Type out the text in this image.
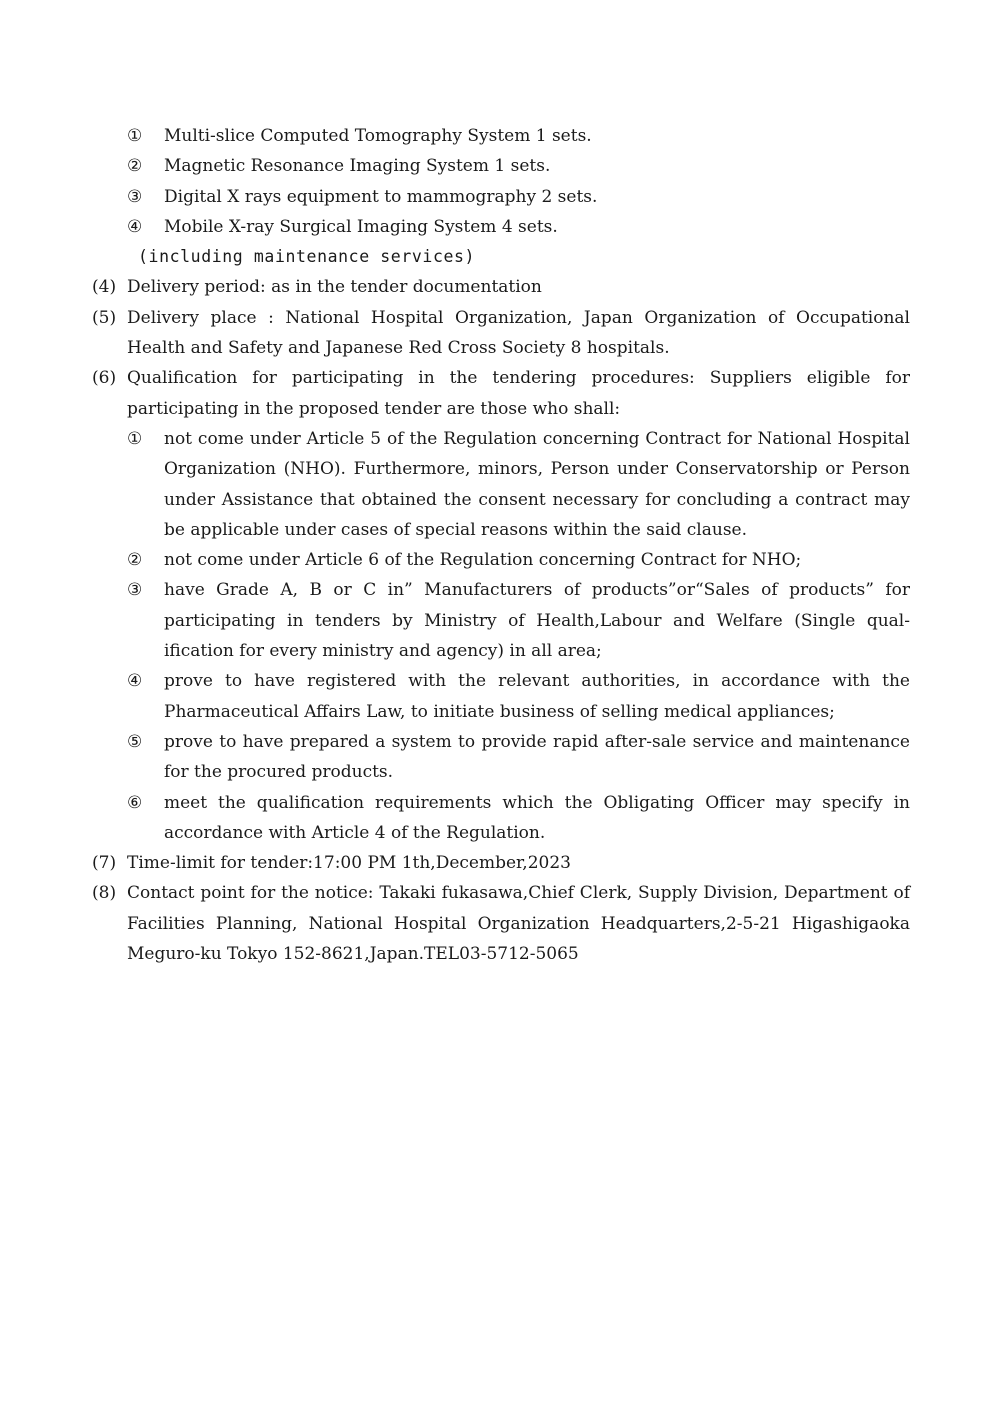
①	Multi-slice Computed Tomography System 1 sets.
②	Magnetic Resonance Imaging System 1 sets.
③	Digital X rays equipment to mammography 2 sets.
④	Mobile X-ray Surgical Imaging System 4 sets.
(including maintenance services)
(4) Delivery period: as in the tender documentation
(5) Delivery place : National Hospital Organization, Japan Organization of Occupational Health and Safety and Japanese Red Cross Society 8 hospitals.
(6) Qualification for participating in the tendering procedures: Suppliers eligible for participating in the proposed tender are those who shall:
①	not come under Article 5 of the Regulation concerning Contract for National Hospital Organization (NHO). Furthermore, minors, Person under Conservatorship or Person under Assistance that obtained the consent necessary for concluding a contract may be applicable under cases of special reasons within the said clause.
②	not come under Article 6 of the Regulation concerning Contract for NHO;
③	have Grade A, B or C in” Manufacturers of products”or“Sales of products” for participating in tenders by Ministry of Health,Labour and Welfare (Single qual-ification for every ministry and agency) in all area;
④	prove to have registered with the relevant authorities, in accordance with the Pharmaceutical Affairs Law, to initiate business of selling medical appliances;
⑤	prove to have prepared a system to provide rapid after-sale service and maintenance for the procured products.
⑥	meet the qualification requirements which the Obligating Officer may specify in accordance with Article 4 of the Regulation.
(7) Time-limit for tender:17:00 PM 1th,December,2023
(8) Contact point for the notice: Takaki fukasawa,Chief Clerk, Supply Division, Department of Facilities Planning, National Hospital Organization Headquarters,2-5-21 Higashigaoka Meguro-ku Tokyo 152-8621,Japan.TEL03-5712-5065
